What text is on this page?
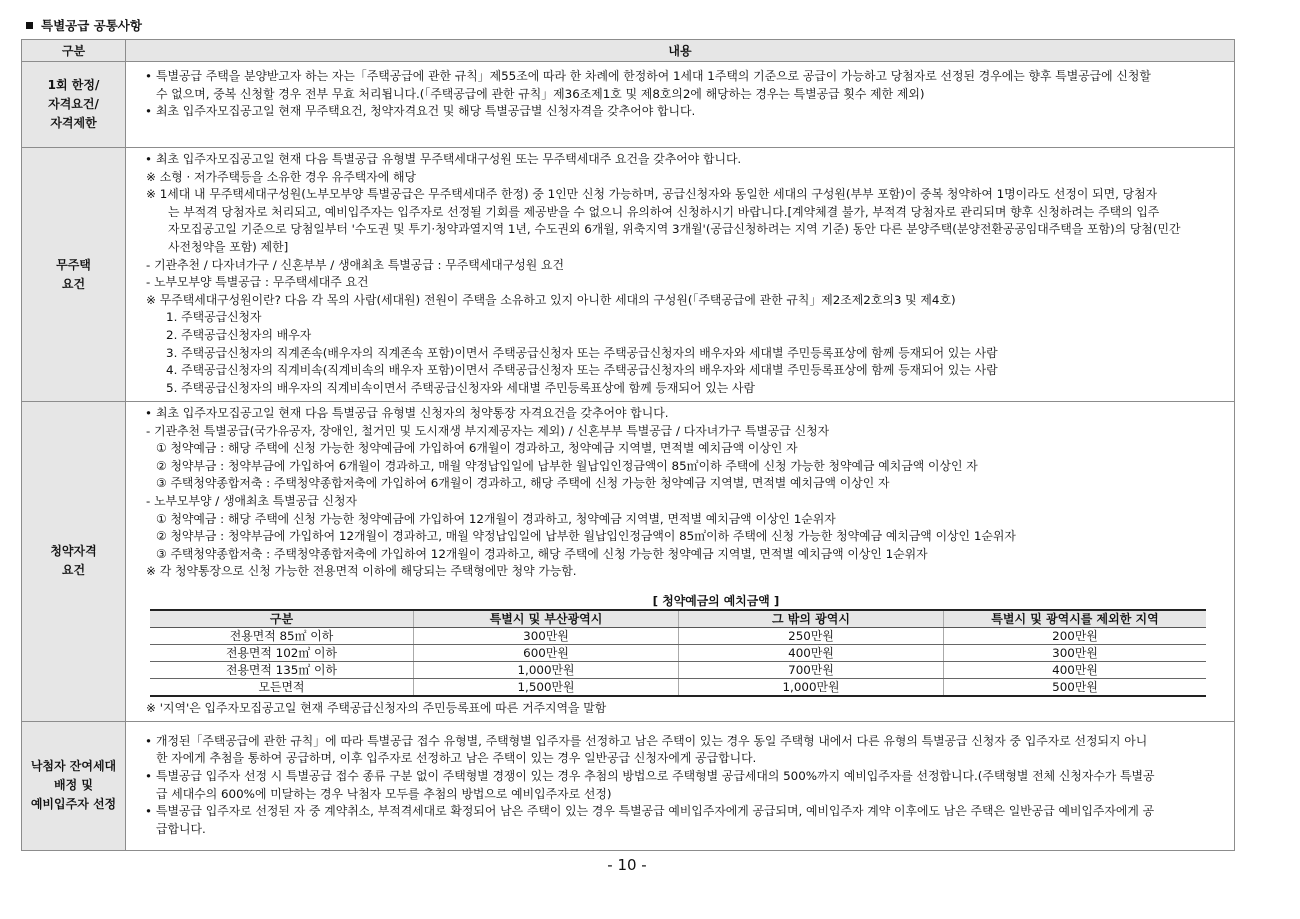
특별공급 공통사항
구분	내용

1회 한정/
자격요건/
자격제한

• 특별공급 주택을 분양받고자 하는 자는「주택공급에 관한 규칙」제55조에 따라 한 차례에 한정하여 1세대 1주택의 기준으로 공급이 가능하고 당첨자로 선정된 경우에는 향후 특별공급에 신청할
수 없으며, 중복 신청할 경우 전부 무효 처리됩니다.(「주택공급에 관한 규칙」제36조제1호 및 제8호의2에 해당하는 경우는 특별공급 횟수 제한 제외)
• 최초 입주자모집공고일 현재 무주택요건, 청약자격요건 및 해당 특별공급별 신청자격을 갖추어야 합니다.

무주택
요건

• 최초 입주자모집공고일 현재 다음 특별공급 유형별 무주택세대구성원 또는 무주택세대주 요건을 갖추어야 합니다.
※ 소형 · 저가주택등을 소유한 경우 유주택자에 해당
※ 1세대 내 무주택세대구성원(노부모부양 특별공급은 무주택세대주 한정) 중 1인만 신청 가능하며, 공급신청자와 동일한 세대의 구성원(부부 포함)이 중복 청약하여 1명이라도 선정이 되면, 당첨자
는 부적격 당첨자로 처리되고, 예비입주자는 입주자로 선정될 기회를 제공받을 수 없으니 유의하여 신청하시기 바랍니다.[계약체결 불가, 부적격 당첨자로 관리되며 향후 신청하려는 주택의 입주
자모집공고일 기준으로 당첨일부터 '수도권 및 투기·청약과열지역 1년, 수도권외 6개월, 위축지역 3개월'(공급신청하려는 지역 기준) 동안 다른 분양주택(분양전환공공임대주택을 포함)의 당첨(민간
사전청약을 포함) 제한]
- 기관추천 / 다자녀가구 / 신혼부부 / 생애최초 특별공급 : 무주택세대구성원 요건
- 노부모부양 특별공급 : 무주택세대주 요건
※ 무주택세대구성원이란? 다음 각 목의 사람(세대원) 전원이 주택을 소유하고 있지 아니한 세대의 구성원(「주택공급에 관한 규칙」제2조제2호의3 및 제4호)
1. 주택공급신청자
2. 주택공급신청자의 배우자
3. 주택공급신청자의 직계존속(배우자의 직계존속 포함)이면서 주택공급신청자 또는 주택공급신청자의 배우자와 세대별 주민등록표상에 함께 등재되어 있는 사람
4. 주택공급신청자의 직계비속(직계비속의 배우자 포함)이면서 주택공급신청자 또는 주택공급신청자의 배우자와 세대별 주민등록표상에 함께 등재되어 있는 사람
5. 주택공급신청자의 배우자의 직계비속이면서 주택공급신청자와 세대별 주민등록표상에 함께 등재되어 있는 사람

청약자격
요건

• 최초 입주자모집공고일 현재 다음 특별공급 유형별 신청자의 청약통장 자격요건을 갖추어야 합니다.
- 기관추천 특별공급(국가유공자, 장애인, 철거민 및 도시재생 부지제공자는 제외) / 신혼부부 특별공급 / 다자녀가구 특별공급 신청자
① 청약예금 : 해당 주택에 신청 가능한 청약예금에 가입하여 6개월이 경과하고, 청약예금 지역별, 면적별 예치금액 이상인 자
② 청약부금 : 청약부금에 가입하여 6개월이 경과하고, 매월 약정납입일에 납부한 월납입인정금액이 85㎡이하 주택에 신청 가능한 청약예금 예치금액 이상인 자
③ 주택청약종합저축 : 주택청약종합저축에 가입하여 6개월이 경과하고, 해당 주택에 신청 가능한 청약예금 지역별, 면적별 예치금액 이상인 자
- 노부모부양 / 생애최초 특별공급 신청자
① 청약예금 : 해당 주택에 신청 가능한 청약예금에 가입하여 12개월이 경과하고, 청약예금 지역별, 면적별 예치금액 이상인 1순위자
② 청약부금 : 청약부금에 가입하여 12개월이 경과하고, 매월 약정납입일에 납부한 월납입인정금액이 85㎡이하 주택에 신청 가능한 청약예금 예치금액 이상인 1순위자
③ 주택청약종합저축 : 주택청약종합저축에 가입하여 12개월이 경과하고, 해당 주택에 신청 가능한 청약예금 지역별, 면적별 예치금액 이상인 1순위자
※ 각 청약통장으로 신청 가능한 전용면적 이하에 해당되는 주택형에만 청약 가능함.
[ 청약예금의 예치금액 ]
구분	특별시 및 부산광역시	그 밖의 광역시	특별시 및 광역시를 제외한 지역
전용면적 85㎡ 이하	300만원	250만원	200만원
전용면적 102㎡ 이하	600만원	400만원	300만원
전용면적 135㎡ 이하	1,000만원	700만원	400만원
모든면적	1,500만원	1,000만원	500만원
※ '지역'은 입주자모집공고일 현재 주택공급신청자의 주민등록표에 따른 거주지역을 말함

낙첨자 잔여세대
배정 및
예비입주자 선정

• 개정된「주택공급에 관한 규칙」에 따라 특별공급 접수 유형별, 주택형별 입주자를 선정하고 남은 주택이 있는 경우 동일 주택형 내에서 다른 유형의 특별공급 신청자 중 입주자로 선정되지 아니
한 자에게 추첨을 통하여 공급하며, 이후 입주자로 선정하고 남은 주택이 있는 경우 일반공급 신청자에게 공급합니다.
• 특별공급 입주자 선정 시 특별공급 접수 종류 구분 없이 주택형별 경쟁이 있는 경우 추첨의 방법으로 주택형별 공급세대의 500%까지 예비입주자를 선정합니다.(주택형별 전체 신청자수가 특별공
급 세대수의 600%에 미달하는 경우 낙첨자 모두를 추첨의 방법으로 예비입주자로 선정)
• 특별공급 입주자로 선정된 자 중 계약취소, 부적격세대로 확정되어 남은 주택이 있는 경우 특별공급 예비입주자에게 공급되며, 예비입주자 계약 이후에도 남은 주택은 일반공급 예비입주자에게 공
급합니다.
- 10 -
